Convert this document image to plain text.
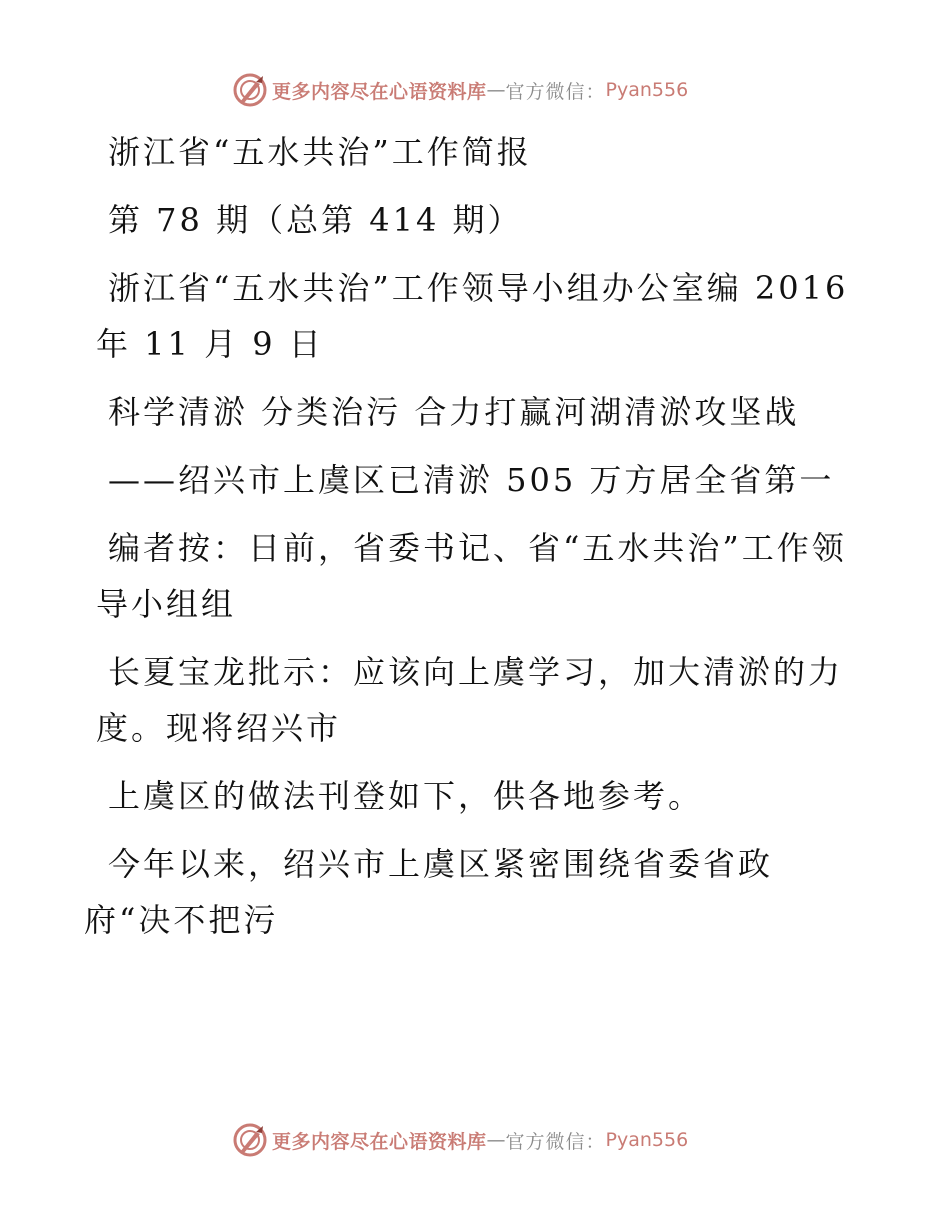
更多内容尽在心语资料库 — 官方微信： Pyan556

浙江省“五水共治”工作简报

第 78 期（总第 414 期）

浙江省“五水共治”工作领导小组办公室编 2016 年 11 月 9 日

科学清淤 分类治污 合力打赢河湖清淤攻坚战

——绍兴市上虞区已清淤 505 万方居全省第一

编者按：日前，省委书记、省“五水共治”工作领导小组组

长夏宝龙批示：应该向上虞学习，加大清淤的力度。现将绍兴市

上虞区的做法刊登如下，供各地参考。

今年以来，绍兴市上虞区紧密围绕省委省政
府“决不把污

更多内容尽在心语资料库 — 官方微信： Pyan556
